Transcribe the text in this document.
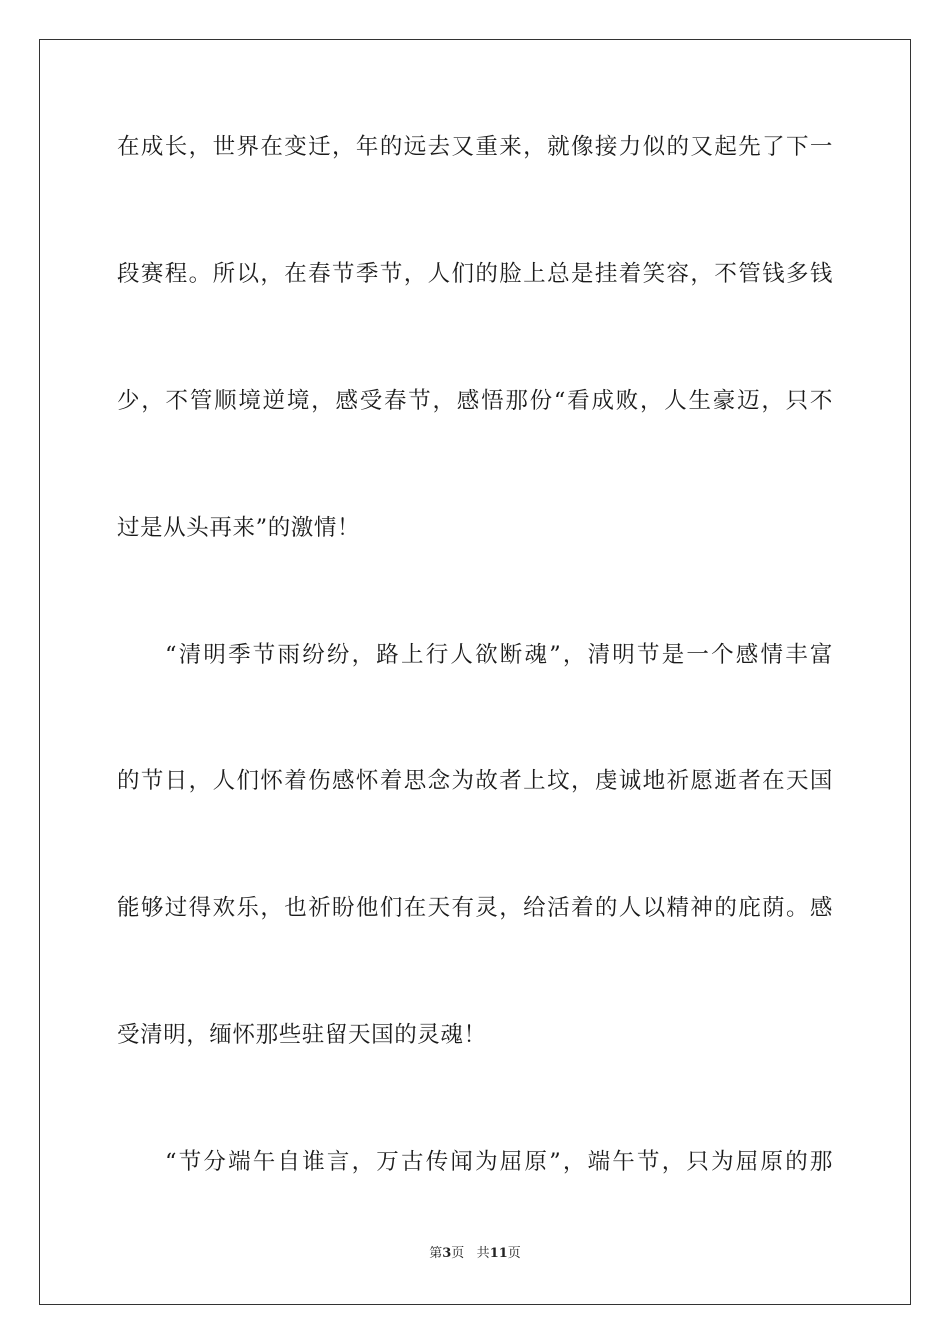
在成长，世界在变迁，年的远去又重来，就像接力似的又起先了下一
段赛程。所以，在春节季节，人们的脸上总是挂着笑容，不管钱多钱
少，不管顺境逆境，感受春节，感悟那份“看成败，人生豪迈，只不
过是从头再来”的激情！
“清明季节雨纷纷，路上行人欲断魂”，清明节是一个感情丰富
的节日，人们怀着伤感怀着思念为故者上坟，虔诚地祈愿逝者在天国
能够过得欢乐，也祈盼他们在天有灵，给活着的人以精神的庇荫。感
受清明，缅怀那些驻留天国的灵魂！
“节分端午自谁言，万古传闻为屈原”，端午节，只为屈原的那
第3页 共11页
